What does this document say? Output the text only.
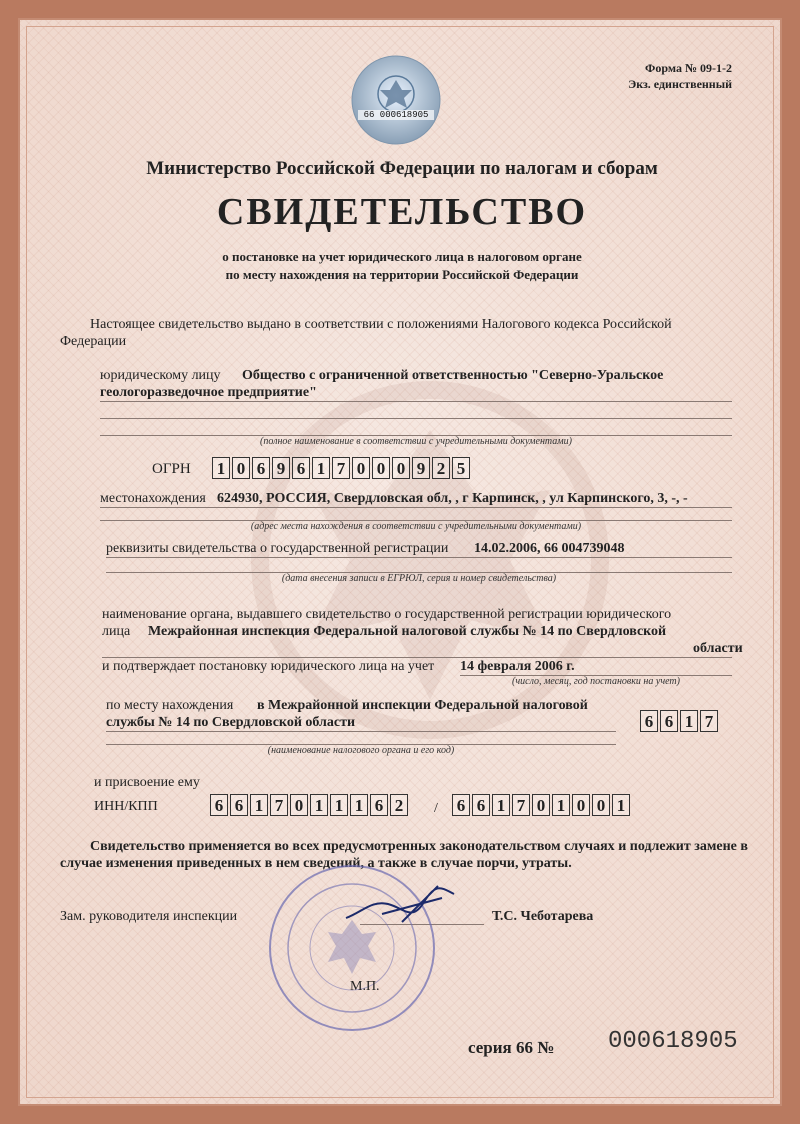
Форма № 09-1-2
Экз. единственный
66 000618905
Министерство Российской Федерации по налогам и сборам
СВИДЕТЕЛЬСТВО
о постановке на учет юридического лица в налоговом органе
по месту нахождения на территории Российской Федерации
Настоящее свидетельство выдано в соответствии с положениями Налогового кодекса Российской
Федерации
юридическому лицу Общество с ограниченной ответственностью "Северно-Уральское
геологоразведочное предприятие"
(полное наименование в соответствии с учредительными документами)
ОГРН 1 0 6 9 6 1 7 0 0 0 9 2 5
местонахождения 624930, РОССИЯ, Свердловская обл, , г Карпинск, , ул Карпинского, 3, -, -
(адрес места нахождения в соответствии с учредительными документами)
реквизиты свидетельства о государственной регистрации 14.02.2006, 66 004739048
(дата внесения записи в ЕГРЮЛ, серия и номер свидетельства)
наименование органа, выдавшего свидетельство о государственной регистрации юридического
лица Межрайонная инспекция Федеральной налоговой службы № 14 по Свердловской
области
и подтверждает постановку юридического лица на учет 14 февраля 2006 г.
(число, месяц, год постановки на учет)
по месту нахождения в Межрайонной инспекции Федеральной налоговой
службы № 14 по Свердловской области
(наименование налогового органа и его код)
6 6 1 7
и присвоение ему
ИНН/КПП	6 6 1 7 0 1 1 1 6 2	/ 6 6 1 7 0 1 0 0 1
Свидетельство применяется во всех предусмотренных законодательством случаях и подлежит замене в случае изменения приведенных в нем сведений, а также в случае порчи, утраты.
Зам. руководителя инспекции	Т.С. Чеботарева
М.П.
серия 66 № 000618905
